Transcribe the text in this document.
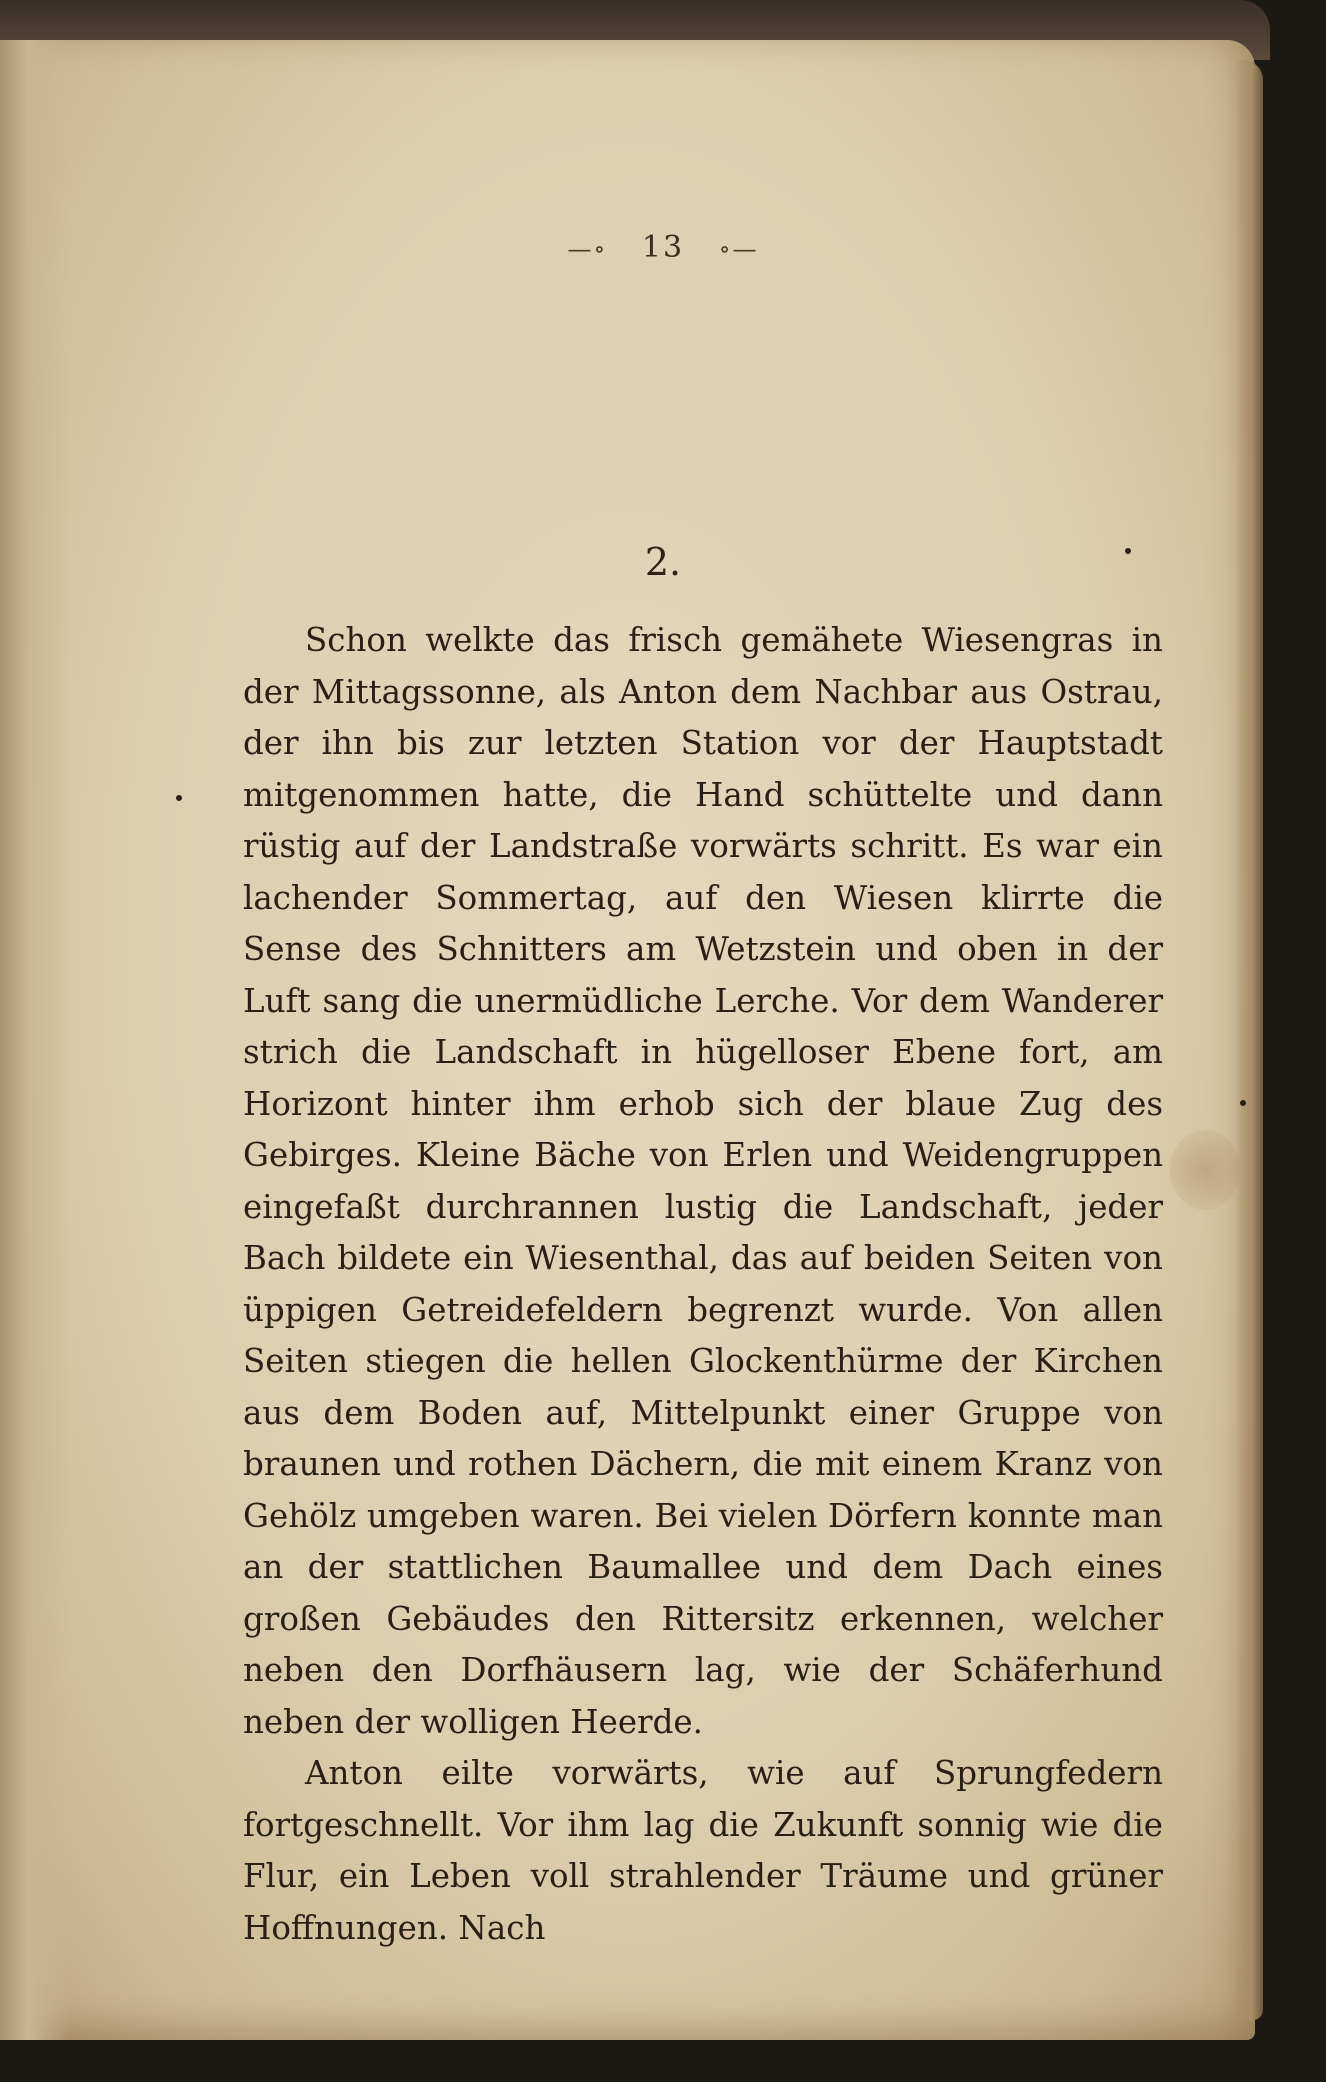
—∘ 13 ∘—
2.

Schon welkte das frisch gemähete Wiesengras in der Mittagssonne, als Anton dem Nachbar aus Ostrau, der ihn bis zur letzten Station vor der Hauptstadt mitgenommen hatte, die Hand schüttelte und dann rüstig auf der Landstraße vorwärts schritt. Es war ein lachender Sommertag, auf den Wiesen klirrte die Sense des Schnitters am Wetzstein und oben in der Luft sang die unermüdliche Lerche. Vor dem Wanderer strich die Landschaft in hügelloser Ebene fort, am Horizont hinter ihm erhob sich der blaue Zug des Gebirges. Kleine Bäche von Erlen und Weidengruppen eingefaßt durchrannen lustig die Landschaft, jeder Bach bildete ein Wiesenthal, das auf beiden Seiten von üppigen Getreidefeldern begrenzt wurde. Von allen Seiten stiegen die hellen Glockenthürme der Kirchen aus dem Boden auf, Mittelpunkt einer Gruppe von braunen und rothen Dächern, die mit einem Kranz von Gehölz umgeben waren. Bei vielen Dörfern konnte man an der stattlichen Baumallee und dem Dach eines großen Gebäudes den Rittersitz erkennen, welcher neben den Dorfhäusern lag, wie der Schäferhund neben der wolligen Heerde.

Anton eilte vorwärts, wie auf Sprungfedern fortgeschnellt. Vor ihm lag die Zukunft sonnig wie die Flur, ein Leben voll strahlender Träume und grüner Hoffnungen. Nach
